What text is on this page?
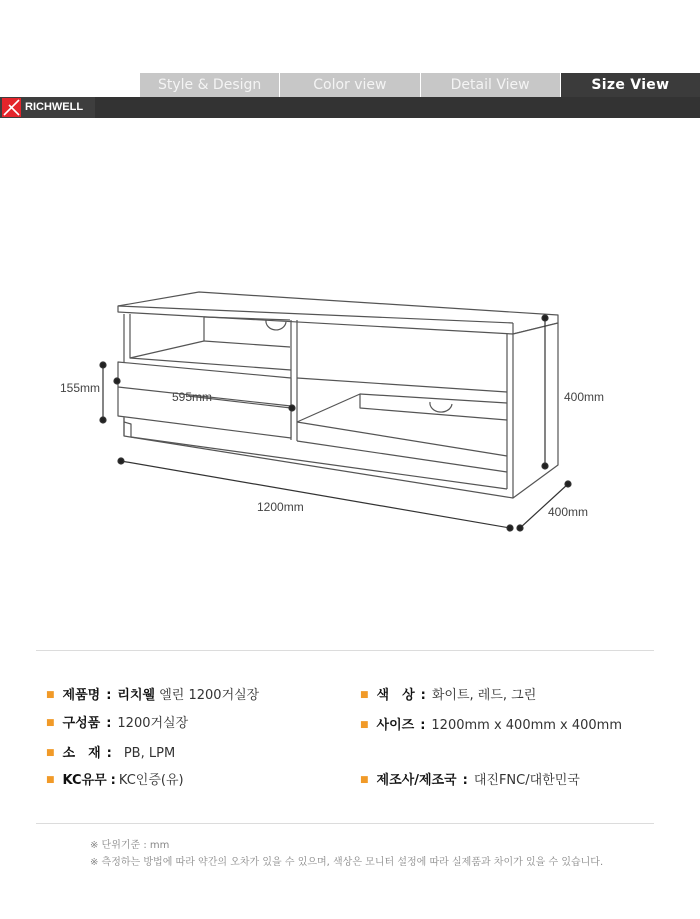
Style & Design	Color view	Detail View	Size View
RICHWELL
155mm
595mm	400mm
1200mm	400mm
■ 제품명 : 리치웰 엘린 1200거실장	■ 색　상 : 화이트, 레드, 그린
■ 구성품 : 1200거실장	■ 사이즈 : 1200mm x 400mm x 400mm
■ 소　재 : PB, LPM
■ KC유무 : KC인증(유)	■ 제조사/제조국 : 대진FNC/대한민국
※ 단위기준 : mm
※ 측정하는 방법에 따라 약간의 오차가 있을 수 있으며, 색상은 모니터 설정에 따라 실제품과 차이가 있을 수 있습니다.
